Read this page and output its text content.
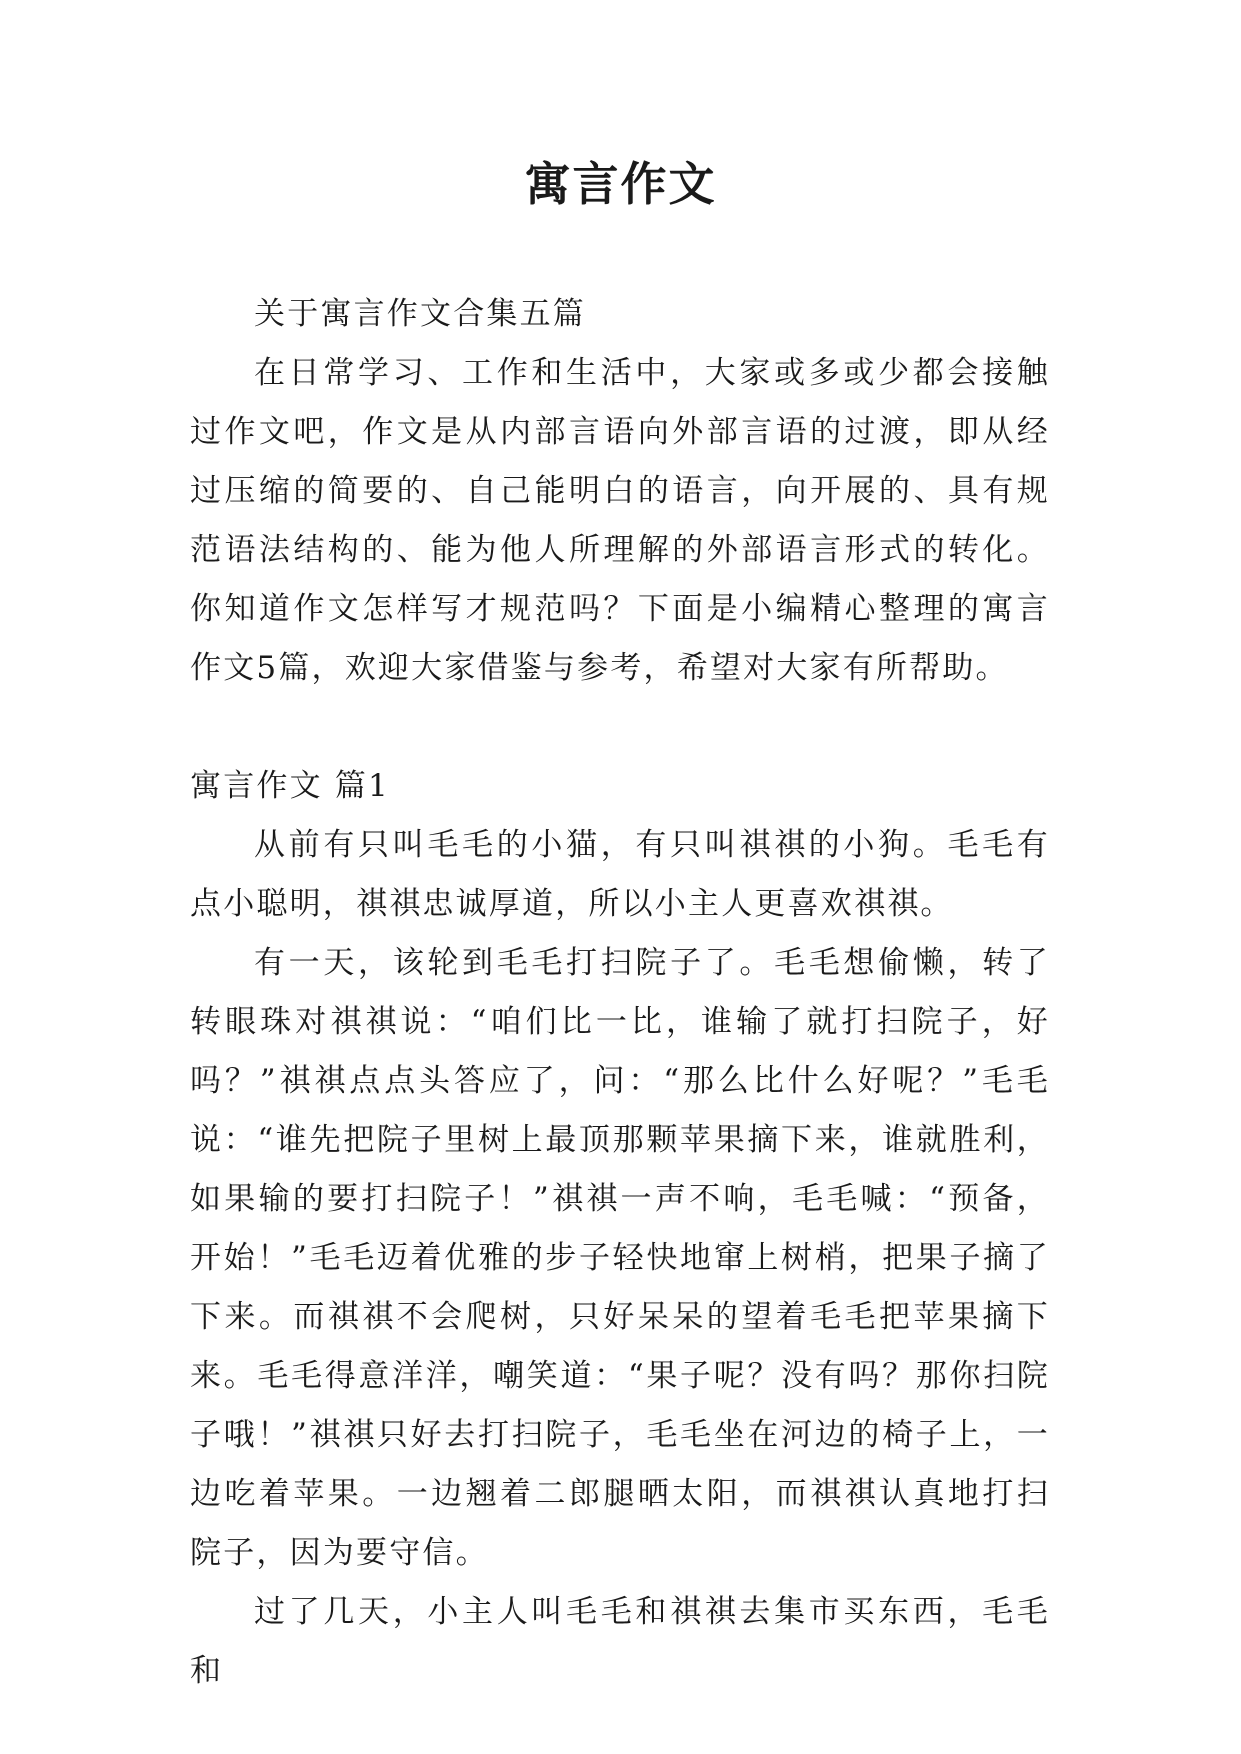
寓言作文

关于寓言作文合集五篇

在日常学习、工作和生活中，大家或多或少都会接触过作文吧，作文是从内部言语向外部言语的过渡，即从经过压缩的简要的、自己能明白的语言，向开展的、具有规范语法结构的、能为他人所理解的外部语言形式的转化。你知道作文怎样写才规范吗？下面是小编精心整理的寓言作文5篇，欢迎大家借鉴与参考，希望对大家有所帮助。

寓言作文 篇1

从前有只叫毛毛的小猫，有只叫祺祺的小狗。毛毛有点小聪明，祺祺忠诚厚道，所以小主人更喜欢祺祺。

有一天，该轮到毛毛打扫院子了。毛毛想偷懒，转了转眼珠对祺祺说：“咱们比一比，谁输了就打扫院子，好吗？”祺祺点点头答应了，问：“那么比什么好呢？”毛毛说：“谁先把院子里树上最顶那颗苹果摘下来，谁就胜利，如果输的要打扫院子！”祺祺一声不响，毛毛喊：“预备，开始！”毛毛迈着优雅的步子轻快地窜上树梢，把果子摘了下来。而祺祺不会爬树，只好呆呆的望着毛毛把苹果摘下来。毛毛得意洋洋，嘲笑道：“果子呢？没有吗？那你扫院子哦！”祺祺只好去打扫院子，毛毛坐在河边的椅子上，一边吃着苹果。一边翘着二郎腿晒太阳，而祺祺认真地打扫院子，因为要守信。

过了几天，小主人叫毛毛和祺祺去集市买东西，毛毛和
